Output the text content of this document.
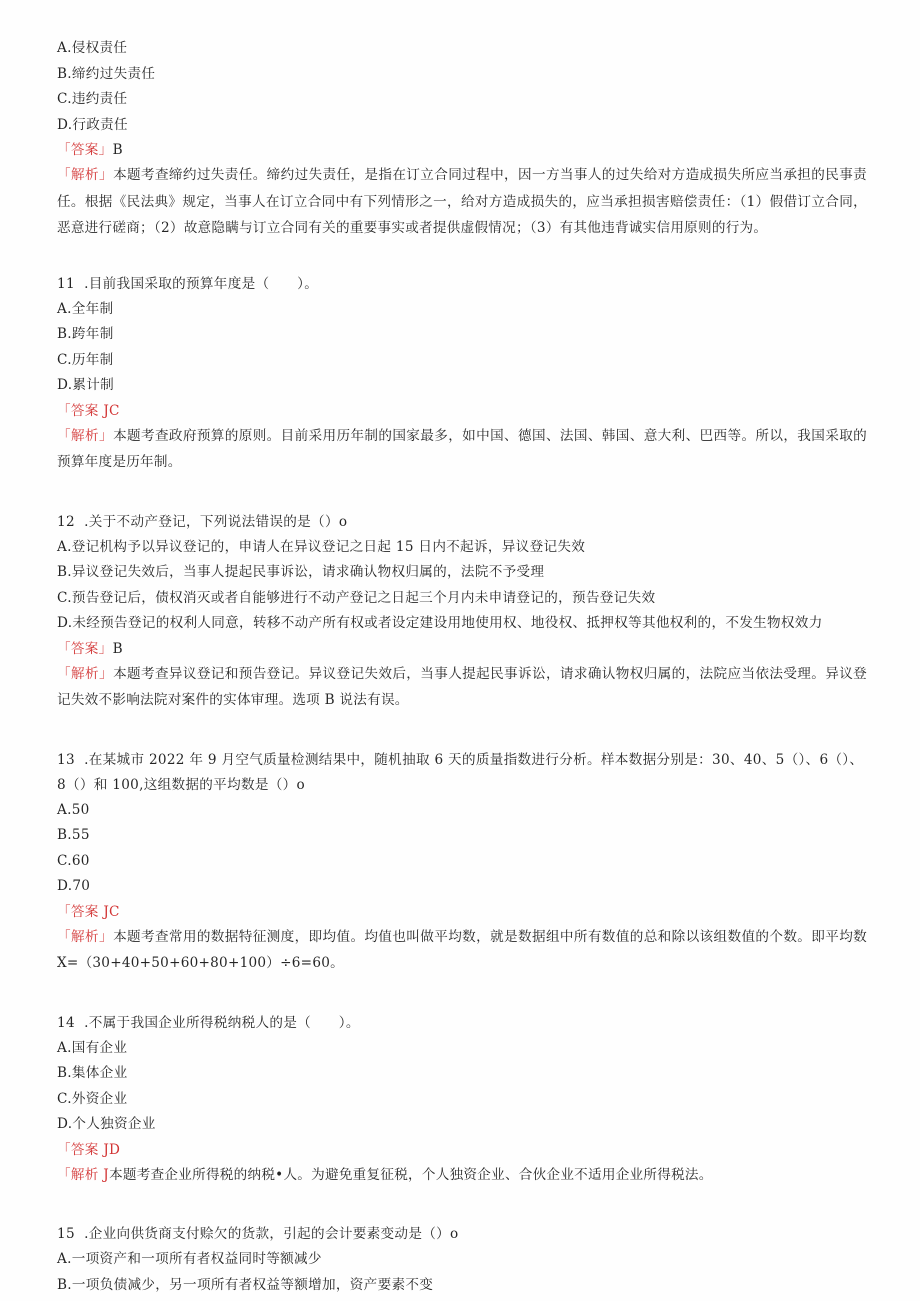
A.侵权责任
B.缔约过失责任
C.违约责任
D.行政责任
「答案」B
「解析」本题考查缔约过失责任。缔约过失责任，是指在订立合同过程中，因一方当事人的过失给对方造成损失所应当承担的民事责任。根据《民法典》规定，当事人在订立合同中有下列情形之一，给对方造成损失的，应当承担损害赔偿责任：（1）假借订立合同，恶意进行磋商；（2）故意隐瞒与订立合同有关的重要事实或者提供虚假情况；（3）有其他违背诚实信用原则的行为。
11  .目前我国采取的预算年度是（      ）。
A.全年制
B.跨年制
C.历年制
D.累计制
「答案 JC
「解析」本题考查政府预算的原则。目前采用历年制的国家最多，如中国、德国、法国、韩国、意大利、巴西等。所以，我国采取的预算年度是历年制。
12  .关于不动产登记，下列说法错误的是（）o
A.登记机构予以异议登记的，申请人在异议登记之日起 15 日内不起诉，异议登记失效
B.异议登记失效后，当事人提起民事诉讼，请求确认物权归属的，法院不予受理
C.预告登记后，债权消灭或者自能够进行不动产登记之日起三个月内未申请登记的，预告登记失效
D.未经预告登记的权利人同意，转移不动产所有权或者设定建设用地使用权、地役权、抵押权等其他权利的，不发生物权效力
「答案」B
「解析」本题考查异议登记和预告登记。异议登记失效后，当事人提起民事诉讼，请求确认物权归属的，法院应当依法受理。异议登记失效不影响法院对案件的实体审理。选项 B 说法有误。
13  .在某城市 2022 年 9 月空气质量检测结果中，随机抽取 6 天的质量指数进行分析。样本数据分别是：30、40、5（）、6（）、8（）和 100,这组数据的平均数是（）o
A.50
B.55
C.60
D.70
「答案 JC
「解析」本题考查常用的数据特征测度，即均值。均值也叫做平均数，就是数据组中所有数值的总和除以该组数值的个数。即平均数 X=（30+40+50+60+80+100）÷6=60。
14  .不属于我国企业所得税纳税人的是（      ）。
A.国有企业
B.集体企业
C.外资企业
D.个人独资企业
「答案 JD
「解析 J本题考查企业所得税的纳税•人。为避免重复征税，个人独资企业、合伙企业不适用企业所得税法。
15  .企业向供货商支付赊欠的货款，引起的会计要素变动是（）o
A.一项资产和一项所有者权益同时等额减少
B.一项负债减少，另一项所有者权益等额增加，资产要素不变
